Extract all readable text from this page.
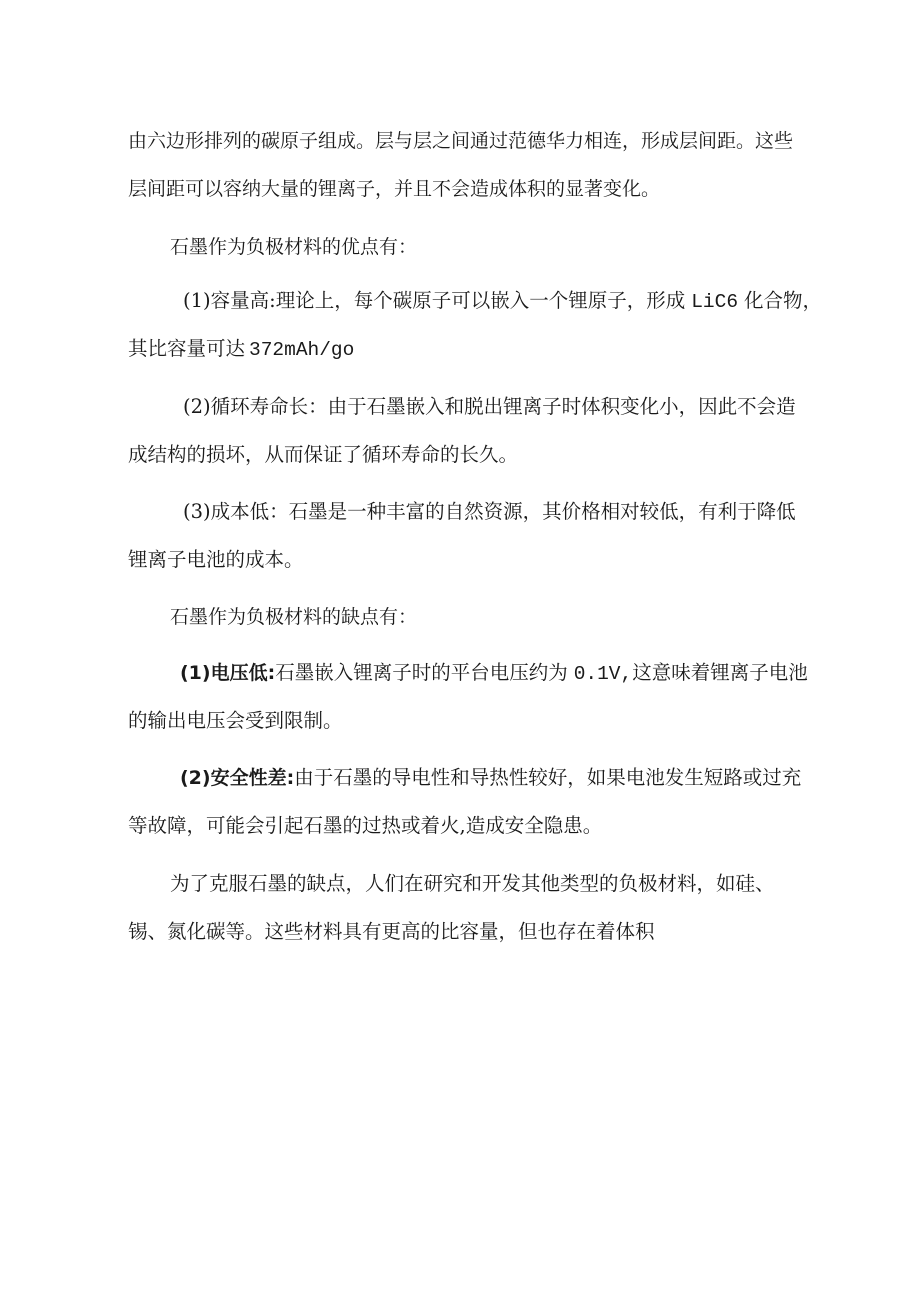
由六边形排列的碳原子组成。层与层之间通过范德华力相连，形成层间距。这些
层间距可以容纳大量的锂离子，并且不会造成体积的显著变化。
石墨作为负极材料的优点有：
(1)容量高:理论上，每个碳原子可以嵌入一个锂原子，形成 LiC6 化合物，
其比容量可达 372mAh/go
(2)循环寿命长：由于石墨嵌入和脱出锂离子时体积变化小，因此不会造
成结构的损坏，从而保证了循环寿命的长久。
(3)成本低：石墨是一种丰富的自然资源，其价格相对较低，有利于降低
锂离子电池的成本。
石墨作为负极材料的缺点有：
(1)电压低:石墨嵌入锂离子时的平台电压约为 0.1V,这意味着锂离子电池
的输出电压会受到限制。
(2)安全性差:由于石墨的导电性和导热性较好，如果电池发生短路或过充
等故障，可能会引起石墨的过热或着火,造成安全隐患。
为了克服石墨的缺点，人们在研究和开发其他类型的负极材料，如硅、
锡、氮化碳等。这些材料具有更高的比容量，但也存在着体积
